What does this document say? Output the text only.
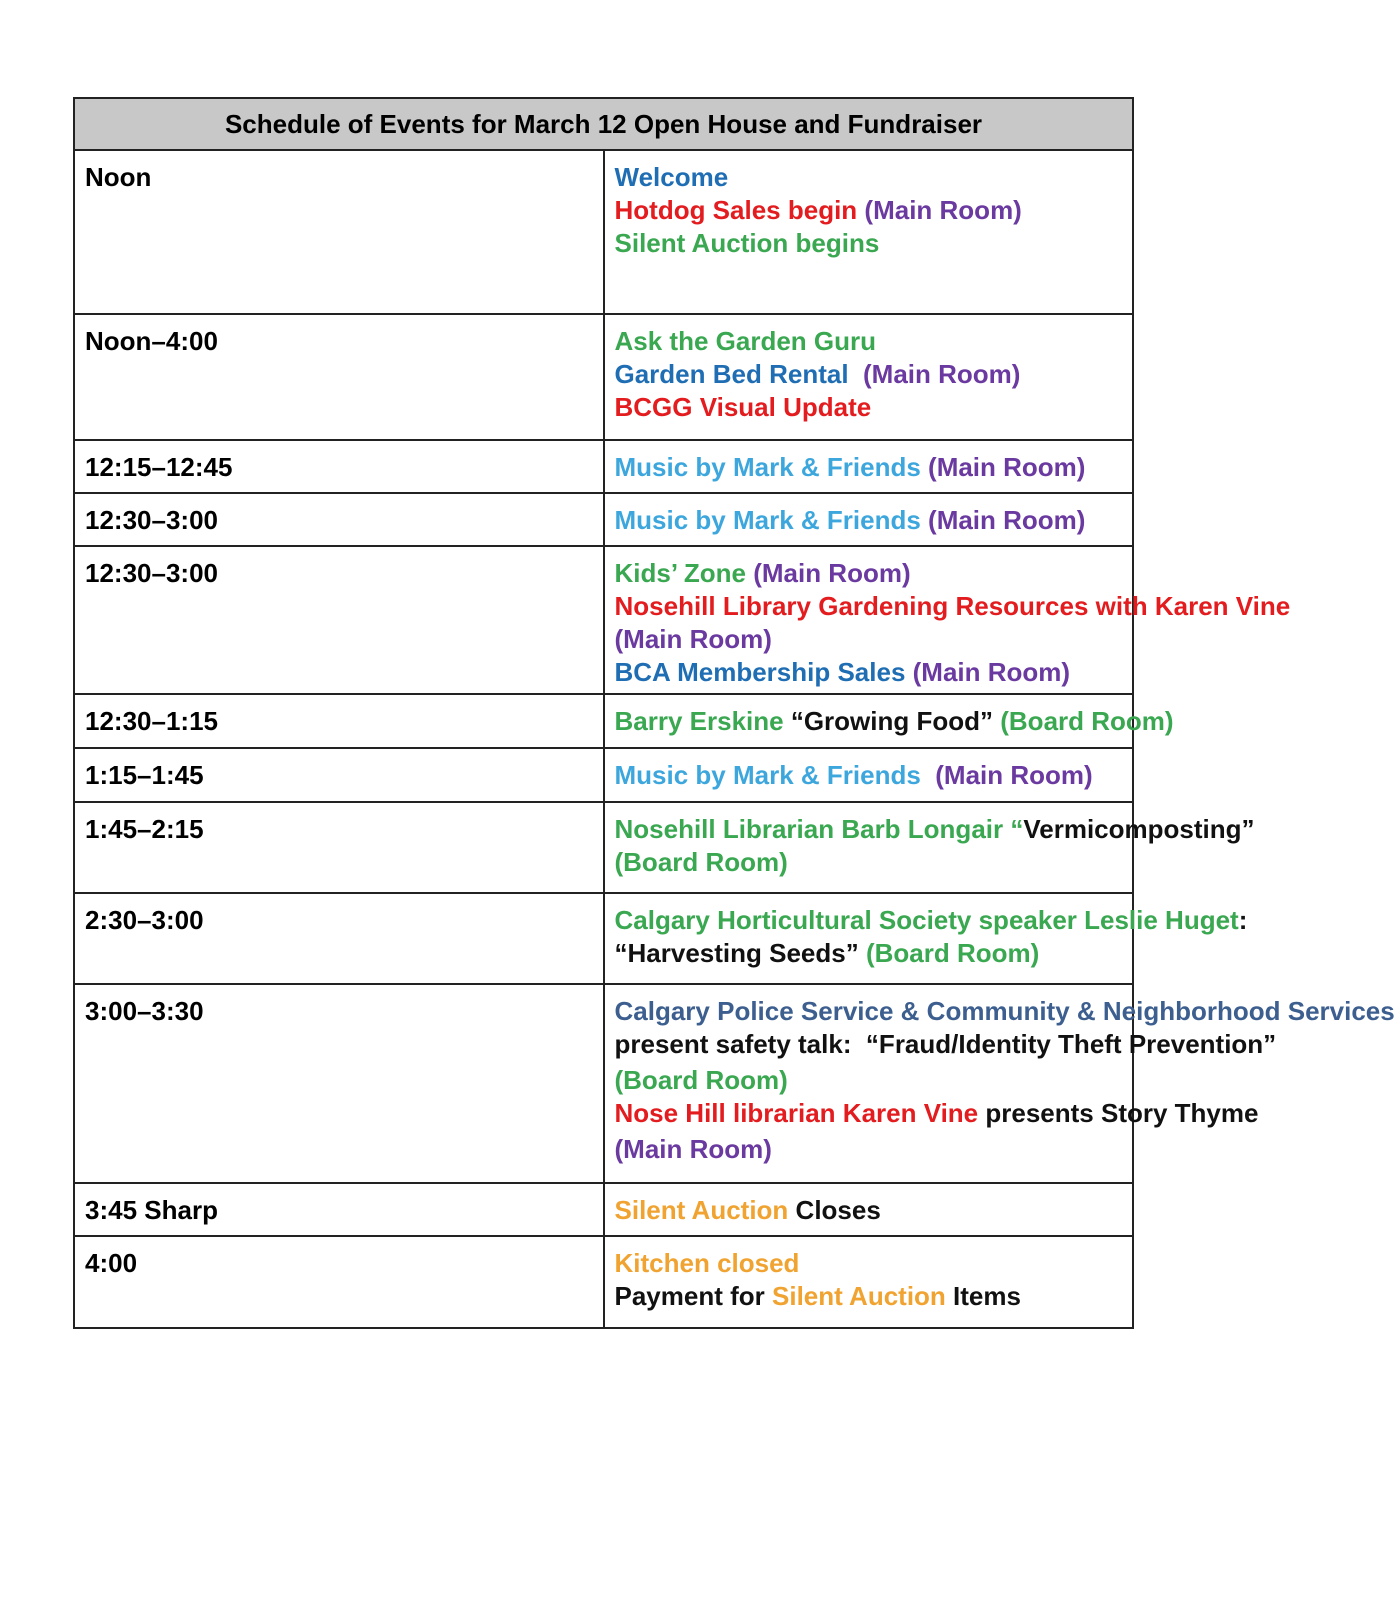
Schedule of Events for March 12 Open House and Fundraiser	
Noon	Welcome
Hotdog Sales begin (Main Room)
Silent Auction begins

Noon–4:00	Ask the Garden Guru
Garden Bed Rental  (Main Room)
BCGG Visual Update

12:15–12:45	Music by Mark & Friends (Main Room)

12:30–3:00	Music by Mark & Friends (Main Room)

12:30–3:00	Kids’ Zone (Main Room)
Nosehill Library Gardening Resources with Karen Vine
(Main Room)
BCA Membership Sales (Main Room)

12:30–1:15	Barry Erskine “Growing Food” (Board Room)

1:15–1:45	Music by Mark & Friends  (Main Room)

1:45–2:15	Nosehill Librarian Barb Longair “Vermicomposting”
(Board Room)

2:30–3:00	Calgary Horticultural Society speaker Leslie Huget:
“Harvesting Seeds” (Board Room)

3:00–3:30	Calgary Police Service & Community & Neighborhood Services
present safety talk:  “Fraud/Identity Theft Prevention”
(Board Room)
Nose Hill librarian Karen Vine presents Story Thyme
(Main Room)

3:45 Sharp	Silent Auction Closes

4:00	Kitchen closed
Payment for Silent Auction Items
